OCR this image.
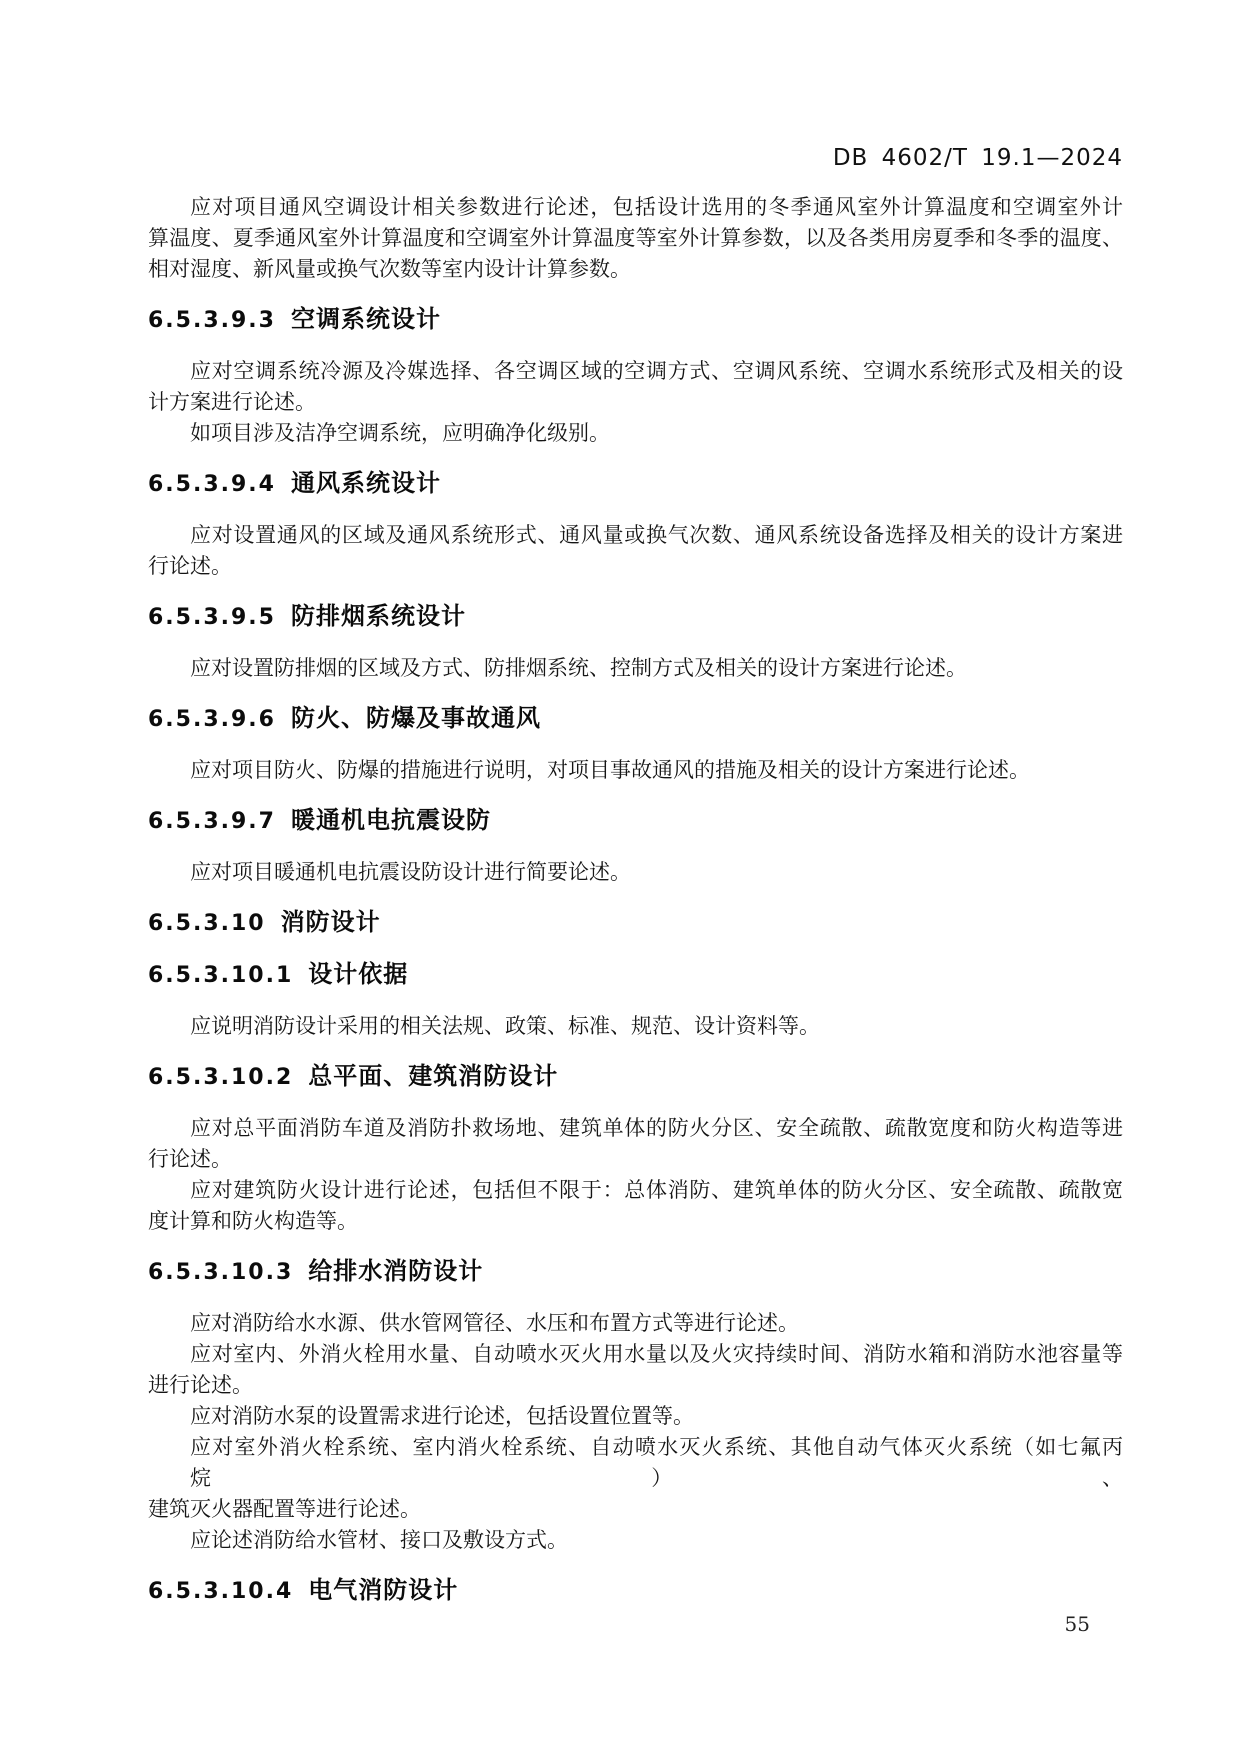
DB 4602/T 19.1—2024
应对项目通风空调设计相关参数进行论述，包括设计选用的冬季通风室外计算温度和空调室外计
算温度、夏季通风室外计算温度和空调室外计算温度等室外计算参数，以及各类用房夏季和冬季的温度、
相对湿度、新风量或换气次数等室内设计计算参数。
6.5.3.9.3 空调系统设计
应对空调系统冷源及冷媒选择、各空调区域的空调方式、空调风系统、空调水系统形式及相关的设
计方案进行论述。
如项目涉及洁净空调系统，应明确净化级别。
6.5.3.9.4 通风系统设计
应对设置通风的区域及通风系统形式、通风量或换气次数、通风系统设备选择及相关的设计方案进
行论述。
6.5.3.9.5 防排烟系统设计
应对设置防排烟的区域及方式、防排烟系统、控制方式及相关的设计方案进行论述。
6.5.3.9.6 防火、防爆及事故通风
应对项目防火、防爆的措施进行说明，对项目事故通风的措施及相关的设计方案进行论述。
6.5.3.9.7 暖通机电抗震设防
应对项目暖通机电抗震设防设计进行简要论述。
6.5.3.10 消防设计
6.5.3.10.1 设计依据
应说明消防设计采用的相关法规、政策、标准、规范、设计资料等。
6.5.3.10.2 总平面、建筑消防设计
应对总平面消防车道及消防扑救场地、建筑单体的防火分区、安全疏散、疏散宽度和防火构造等进
行论述。
应对建筑防火设计进行论述，包括但不限于：总体消防、建筑单体的防火分区、安全疏散、疏散宽
度计算和防火构造等。
6.5.3.10.3 给排水消防设计
应对消防给水水源、供水管网管径、水压和布置方式等进行论述。
应对室内、外消火栓用水量、自动喷水灭火用水量以及火灾持续时间、消防水箱和消防水池容量等
进行论述。
应对消防水泵的设置需求进行论述，包括设置位置等。
应对室外消火栓系统、室内消火栓系统、自动喷水灭火系统、其他自动气体灭火系统（如七氟丙烷）、
建筑灭火器配置等进行论述。
应论述消防给水管材、接口及敷设方式。
6.5.3.10.4 电气消防设计
55
